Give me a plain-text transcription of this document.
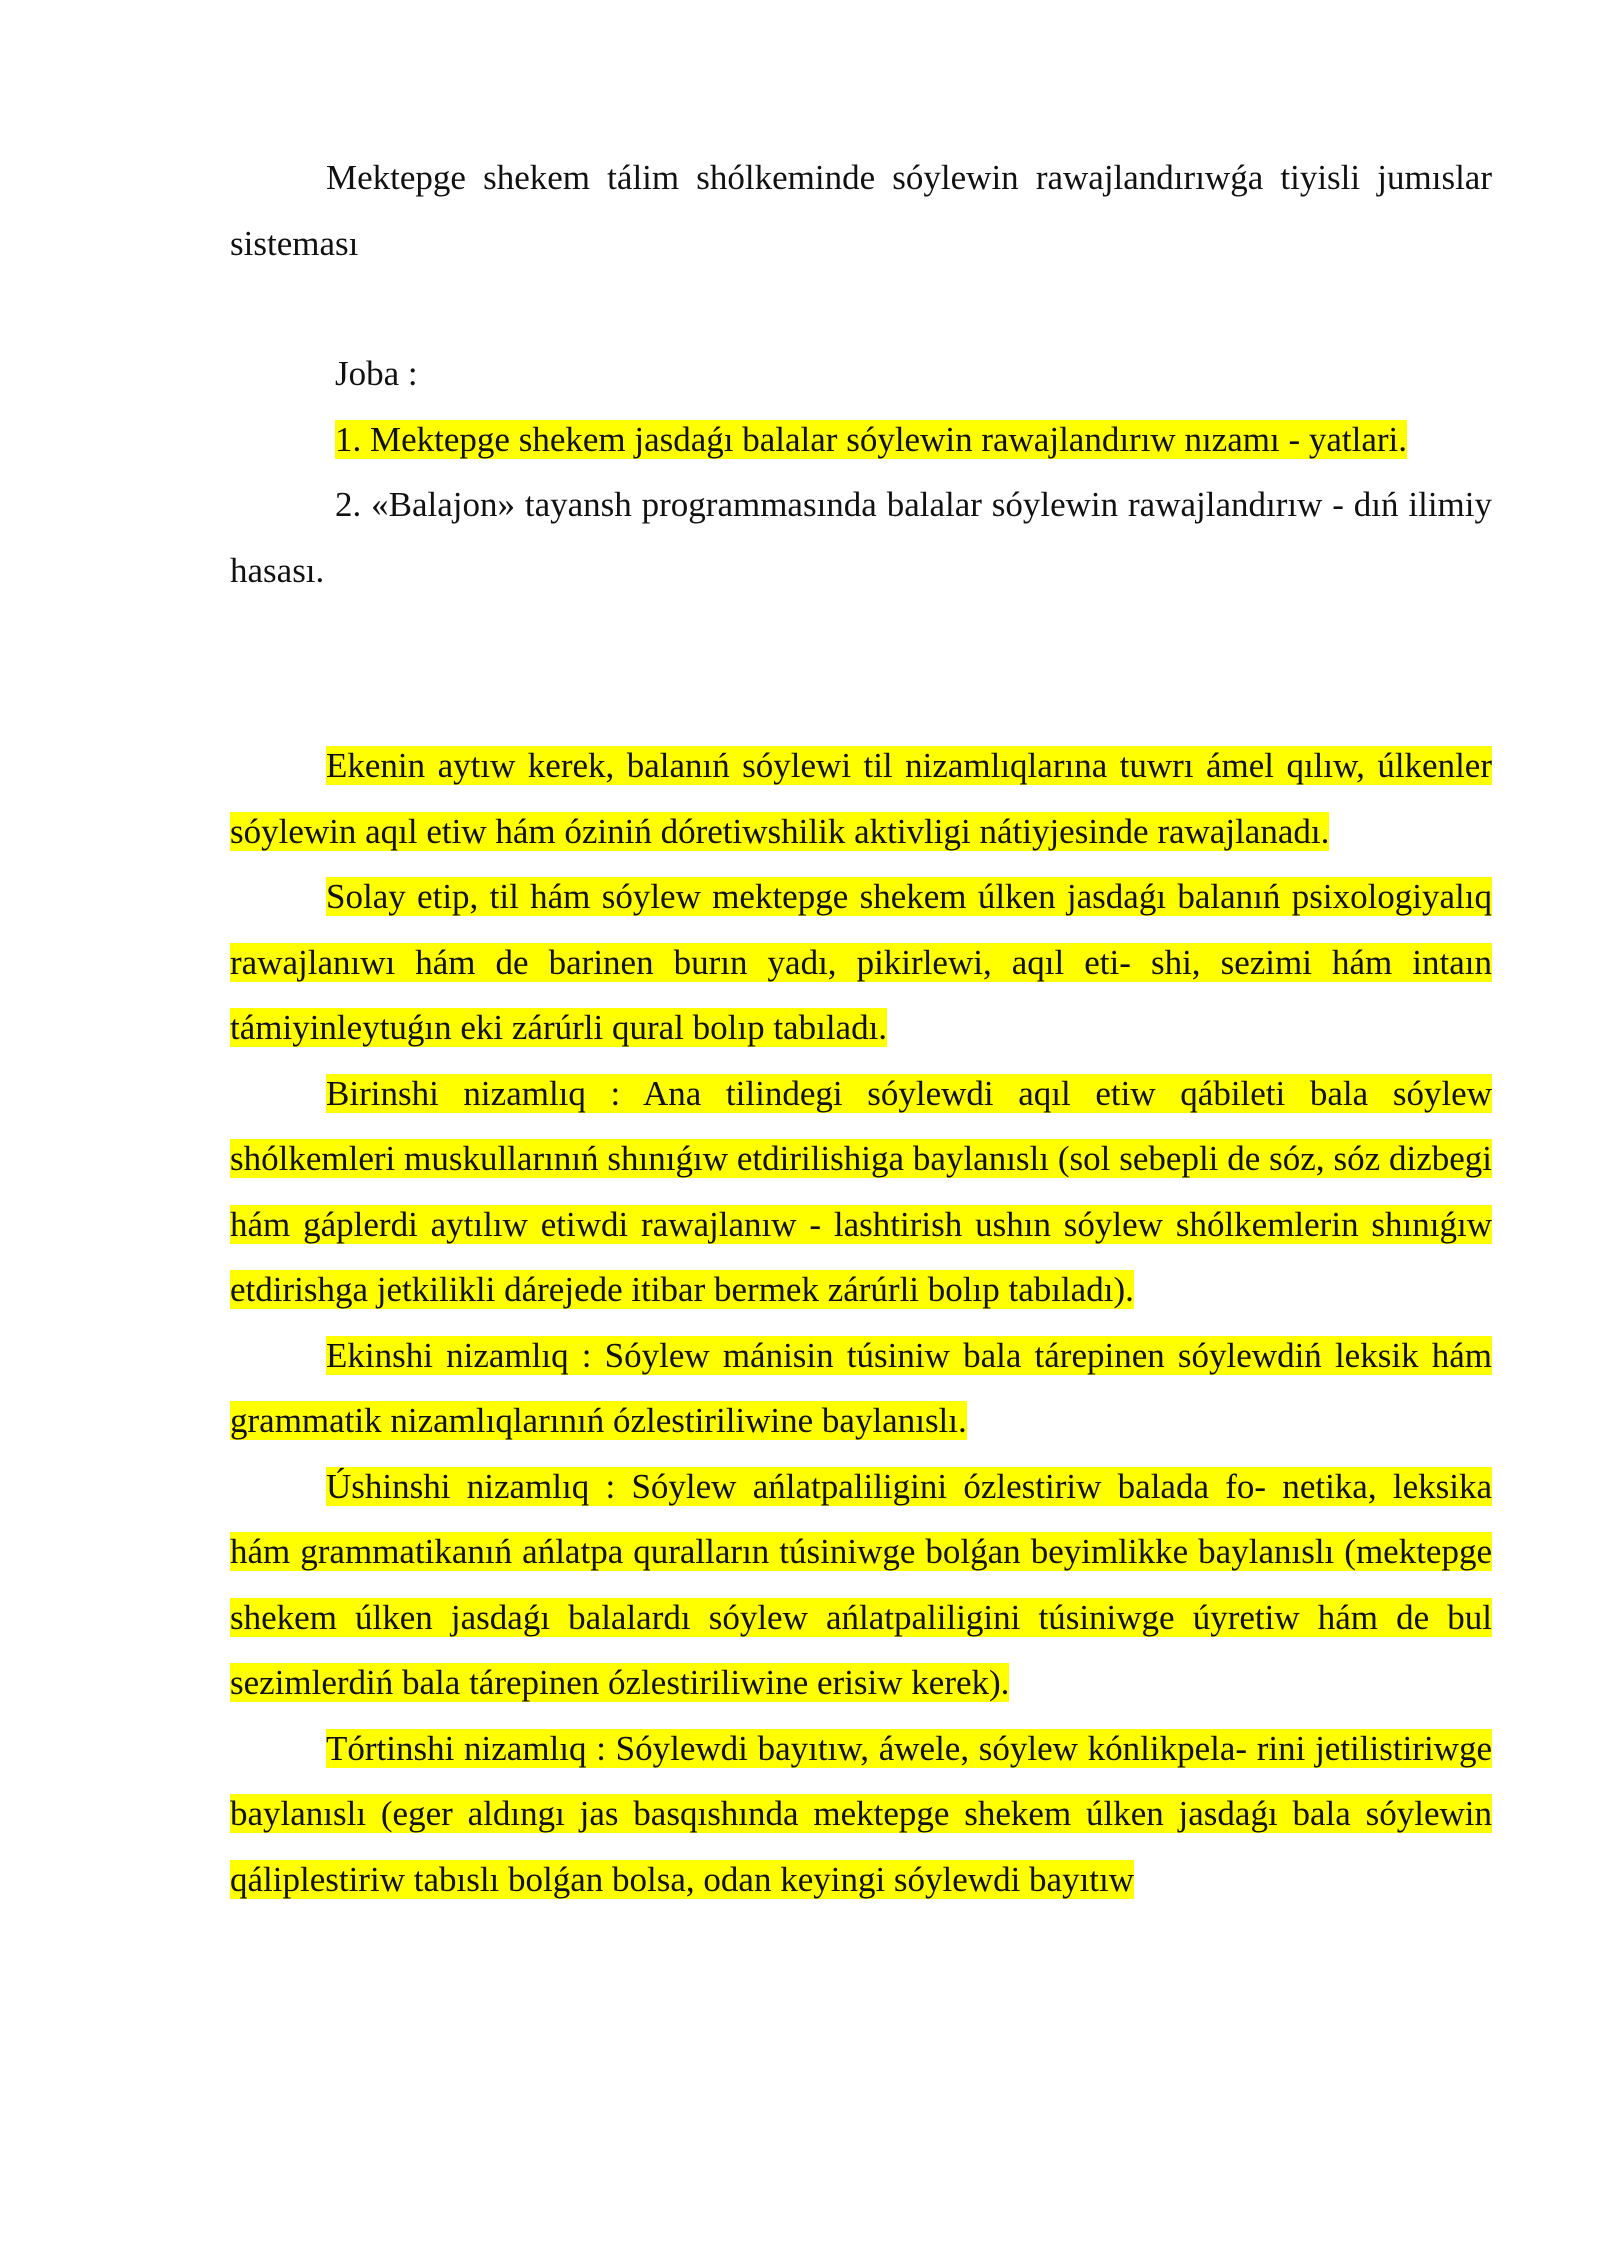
Mektepge shekem tálim shólkeminde sóylewin rawajlandırıwǵa tiyisli jumıslar sisteması

Joba :

1. Mektepge shekem jasdaǵı balalar sóylewin rawajlandırıw nızamı - yatlari.

2. «Balajon» tayansh programmasında balalar sóylewin rawajlandırıw - dıń ilimiy hasası.

Ekenin aytıw kerek, balanıń sóylewi til nizamlıqlarına tuwrı ámel qılıw, úlkenler sóylewin aqıl etiw hám óziniń dóretiwshilik aktivligi nátiyjesinde rawajlanadı.

Solay etip, til hám sóylew mektepge shekem úlken jasdaǵı balanıń psixologiyalıq rawajlanıwı hám de barinen burın yadı, pikirlewi, aqıl eti- shi, sezimi hám intaın támiyinleytuǵın eki zárúrli qural bolıp tabıladı.

Birinshi nizamlıq : Ana tilindegi sóylewdi aqıl etiw qábileti bala sóylew shólkemleri muskullarınıń shınıǵıw etdirilishiga baylanıslı (sol sebepli de sóz, sóz dizbegi hám gáplerdi aytılıw etiwdi rawajlanıw - lashtirish ushın sóylew shólkemlerin shınıǵıw etdirishga jetkilikli dárejede itibar bermek zárúrli bolıp tabıladı).

Ekinshi nizamlıq : Sóylew mánisin túsiniw bala tárepinen sóylewdiń leksik hám grammatik nizamlıqlarınıń ózlestiriliwine baylanıslı.

Úshinshi nizamlıq : Sóylew ańlatpaliligini ózlestiriw balada fo- netika, leksika hám grammatikanıń ańlatpa quralların túsiniwge bolǵan beyimlikke baylanıslı (mektepge shekem úlken jasdaǵı balalardı sóylew ańlatpaliligini túsiniwge úyretiw hám de bul sezimlerdiń bala tárepinen ózlestiriliwine erisiw kerek).

Tórtinshi nizamlıq : Sóylewdi bayıtıw, áwele, sóylew kónlikpela- rini jetilistiriwge baylanıslı (eger aldıngı jas basqıshında mektepge shekem úlken jasdaǵı bala sóylewin qáliplestiriw tabıslı bolǵan bolsa, odan keyingi sóylewdi bayıtıw
